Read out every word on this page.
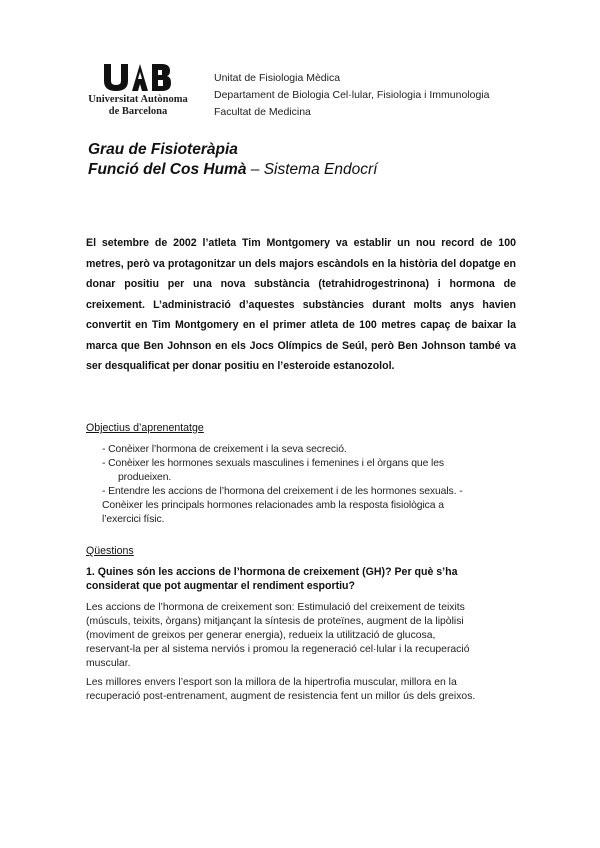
Universitat Autònoma
de Barcelona
Unitat de Fisiologia Mèdica
Departament de Biologia Cel·lular, Fisiologia i Immunologia
Facultat de Medicina
Grau de Fisioteràpia
Funció del Cos Humà – Sistema Endocrí
El setembre de 2002 l’atleta Tim Montgomery va establir un nou record de 100 metres, però va protagonitzar un dels majors escàndols en la història del dopatge en donar positiu per una nova substància (tetrahidrogestrinona) i hormona de creixement. L’administració d’aquestes substàncies durant molts anys havien convertit en Tim Montgomery en el primer atleta de 100 metres capaç de baixar la marca que Ben Johnson en els Jocs Olímpics de Seúl, però Ben Johnson també va ser desqualificat per donar positiu en l’esteroide estanozolol.
Objectius d’aprenentatge
- Conèixer l’hormona de creixement i la seva secreció.
- Conèixer les hormones sexuals masculines i femenines i el òrgans que les
produeixen.
- Entendre les accions de l’hormona del creixement i de les hormones sexuals. -
Conèixer les principals hormones relacionades amb la resposta fisiològica a
l’exercici físic.
Qüestions
1. Quines són les accions de l’hormona de creixement (GH)? Per què s’ha
considerat que pot augmentar el rendiment esportiu?
Les accions de l’hormona de creixement son: Estimulació del creixement de teixits
(músculs, teixits, òrgans) mitjançant la síntesis de proteïnes, augment de la lipòlisi
(moviment de greixos per generar energia), redueix la utilització de glucosa,
reservant-la per al sistema nerviós i promou la regeneració cel·lular i la recuperació
muscular.
Les millores envers l’esport son la millora de la hipertrofia muscular, millora en la
recuperació post-entrenament, augment de resistencia fent un millor ús dels greixos.
